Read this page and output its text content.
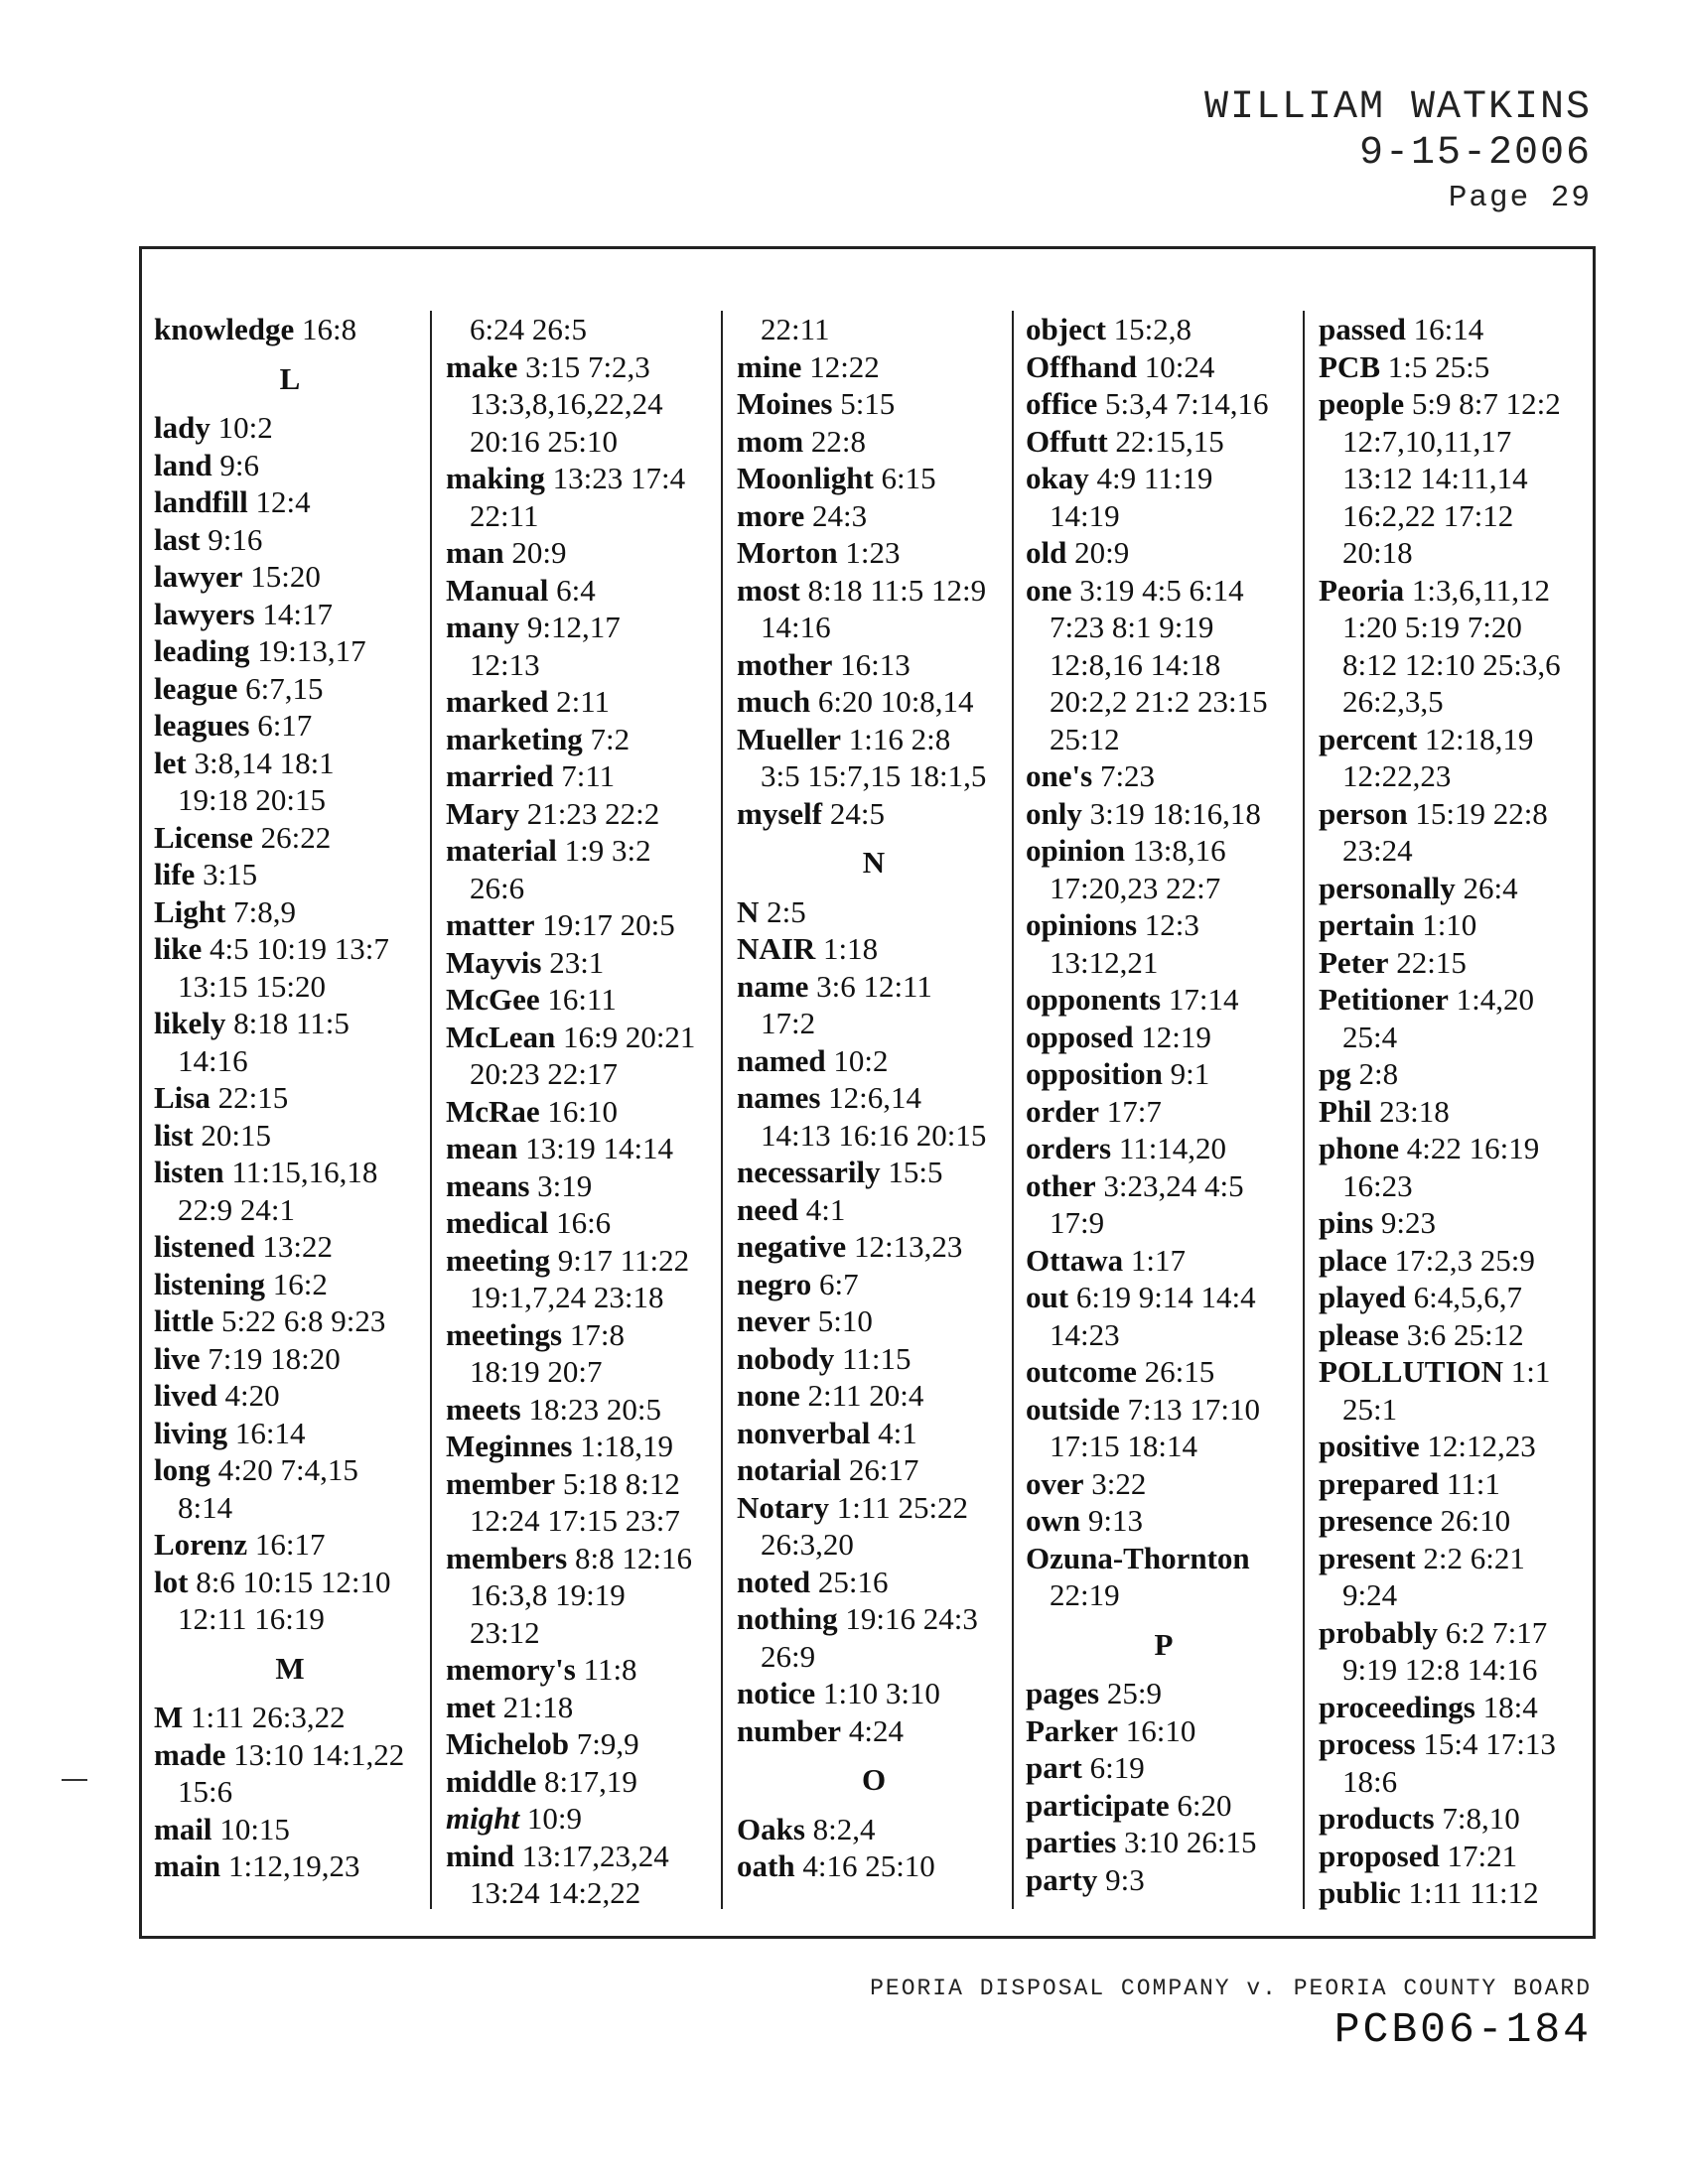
WILLIAM WATKINS
9-15-2006
Page 29
knowledge 16:8
L
lady 10:2
land 9:6
landfill 12:4
last 9:16
lawyer 15:20
lawyers 14:17
leading 19:13,17
league 6:7,15
leagues 6:17
let 3:8,14 18:1
19:18 20:15
License 26:22
life 3:15
Light 7:8,9
like 4:5 10:19 13:7
13:15 15:20
likely 8:18 11:5
14:16
Lisa 22:15
list 20:15
listen 11:15,16,18
22:9 24:1
listened 13:22
listening 16:2
little 5:22 6:8 9:23
live 7:19 18:20
lived 4:20
living 16:14
long 4:20 7:4,15
8:14
Lorenz 16:17
lot 8:6 10:15 12:10
12:11 16:19
M
M 1:11 26:3,22
made 13:10 14:1,22
15:6
mail 10:15
main 1:12,19,23
6:24 26:5
make 3:15 7:2,3
13:3,8,16,22,24
20:16 25:10
making 13:23 17:4
22:11
man 20:9
Manual 6:4
many 9:12,17
12:13
marked 2:11
marketing 7:2
married 7:11
Mary 21:23 22:2
material 1:9 3:2
26:6
matter 19:17 20:5
Mayvis 23:1
McGee 16:11
McLean 16:9 20:21
20:23 22:17
McRae 16:10
mean 13:19 14:14
means 3:19
medical 16:6
meeting 9:17 11:22
19:1,7,24 23:18
meetings 17:8
18:19 20:7
meets 18:23 20:5
Meginnes 1:18,19
member 5:18 8:12
12:24 17:15 23:7
members 8:8 12:16
16:3,8 19:19
23:12
memory's 11:8
met 21:18
Michelob 7:9,9
middle 8:17,19
might 10:9
mind 13:17,23,24
13:24 14:2,22
22:11
mine 12:22
Moines 5:15
mom 22:8
Moonlight 6:15
more 24:3
Morton 1:23
most 8:18 11:5 12:9
14:16
mother 16:13
much 6:20 10:8,14
Mueller 1:16 2:8
3:5 15:7,15 18:1,5
myself 24:5
N
N 2:5
NAIR 1:18
name 3:6 12:11
17:2
named 10:2
names 12:6,14
14:13 16:16 20:15
necessarily 15:5
need 4:1
negative 12:13,23
negro 6:7
never 5:10
nobody 11:15
none 2:11 20:4
nonverbal 4:1
notarial 26:17
Notary 1:11 25:22
26:3,20
noted 25:16
nothing 19:16 24:3
26:9
notice 1:10 3:10
number 4:24
O
Oaks 8:2,4
oath 4:16 25:10
object 15:2,8
Offhand 10:24
office 5:3,4 7:14,16
Offutt 22:15,15
okay 4:9 11:19
14:19
old 20:9
one 3:19 4:5 6:14
7:23 8:1 9:19
12:8,16 14:18
20:2,2 21:2 23:15
25:12
one's 7:23
only 3:19 18:16,18
opinion 13:8,16
17:20,23 22:7
opinions 12:3
13:12,21
opponents 17:14
opposed 12:19
opposition 9:1
order 17:7
orders 11:14,20
other 3:23,24 4:5
17:9
Ottawa 1:17
out 6:19 9:14 14:4
14:23
outcome 26:15
outside 7:13 17:10
17:15 18:14
over 3:22
own 9:13
Ozuna-Thornton
22:19
P
pages 25:9
Parker 16:10
part 6:19
participate 6:20
parties 3:10 26:15
party 9:3
passed 16:14
PCB 1:5 25:5
people 5:9 8:7 12:2
12:7,10,11,17
13:12 14:11,14
16:2,22 17:12
20:18
Peoria 1:3,6,11,12
1:20 5:19 7:20
8:12 12:10 25:3,6
26:2,3,5
percent 12:18,19
12:22,23
person 15:19 22:8
23:24
personally 26:4
pertain 1:10
Peter 22:15
Petitioner 1:4,20
25:4
pg 2:8
Phil 23:18
phone 4:22 16:19
16:23
pins 9:23
place 17:2,3 25:9
played 6:4,5,6,7
please 3:6 25:12
POLLUTION 1:1
25:1
positive 12:12,23
prepared 11:1
presence 26:10
present 2:2 6:21
9:24
probably 6:2 7:17
9:19 12:8 14:16
proceedings 18:4
process 15:4 17:13
18:6
products 7:8,10
proposed 17:21
public 1:11 11:12
PEORIA DISPOSAL COMPANY v. PEORIA COUNTY BOARD
PCB06-184
